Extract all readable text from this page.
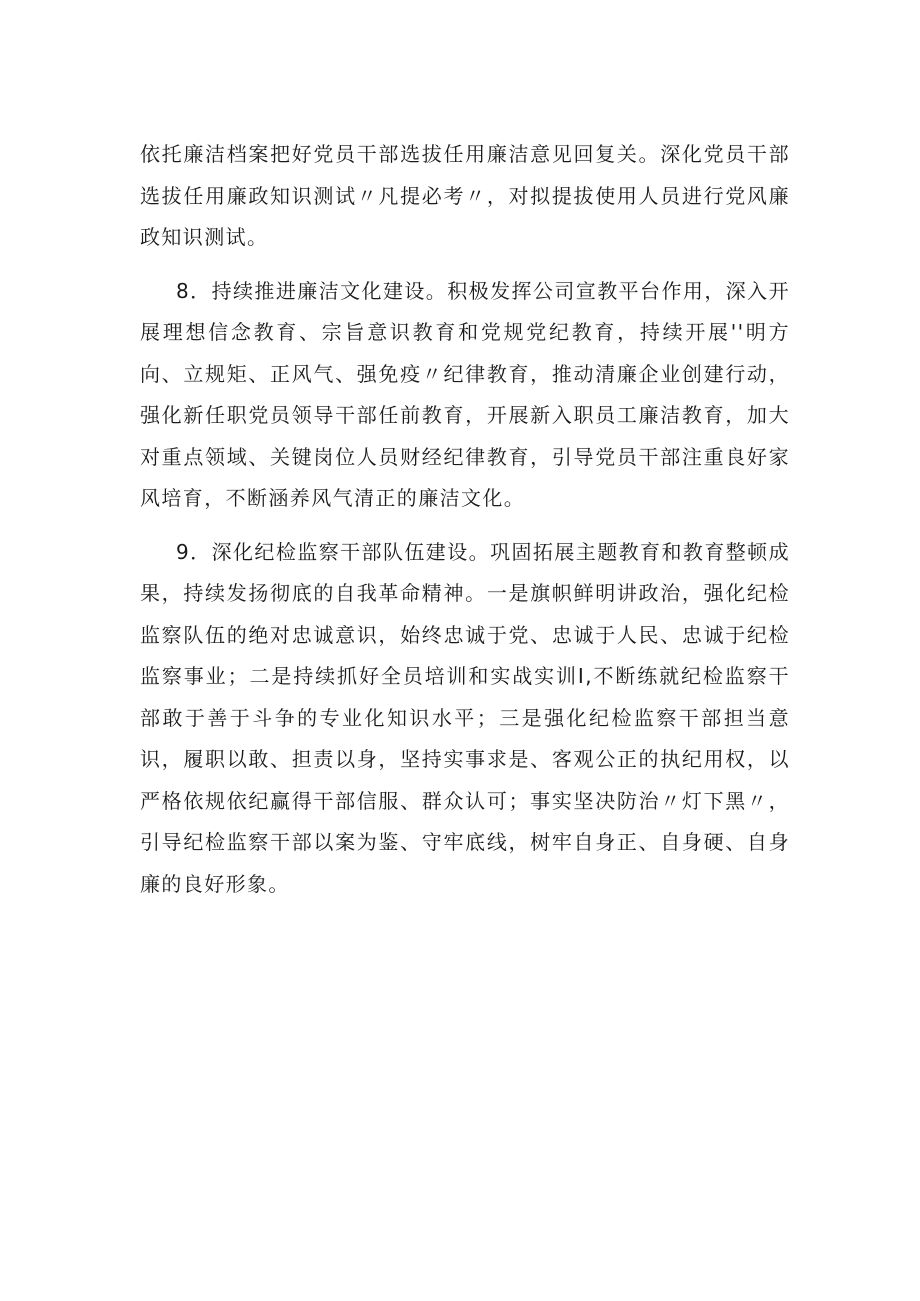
依托廉洁档案把好党员干部选拔任用廉洁意见回复关。深化党员干部选拔任用廉政知识测试〃凡提必考〃，对拟提拔使用人员进行党风廉政知识测试。

8．持续推进廉洁文化建设。积极发挥公司宣教平台作用，深入开展理想信念教育、宗旨意识教育和党规党纪教育，持续开展''明方向、立规矩、正风气、强免疫〃纪律教育，推动清廉企业创建行动，强化新任职党员领导干部任前教育，开展新入职员工廉洁教育，加大对重点领域、关键岗位人员财经纪律教育，引导党员干部注重良好家风培育，不断涵养风气清正的廉洁文化。

9．深化纪检监察干部队伍建设。巩固拓展主题教育和教育整顿成果，持续发扬彻底的自我革命精神。一是旗帜鲜明讲政治，强化纪检监察队伍的绝对忠诚意识，始终忠诚于党、忠诚于人民、忠诚于纪检监察事业；二是持续抓好全员培训和实战实训I,不断练就纪检监察干部敢于善于斗争的专业化知识水平；三是强化纪检监察干部担当意识，履职以敢、担责以身，坚持实事求是、客观公正的执纪用权，以严格依规依纪赢得干部信服、群众认可；事实坚决防治〃灯下黑〃，引导纪检监察干部以案为鉴、守牢底线，树牢自身正、自身硬、自身廉的良好形象。
